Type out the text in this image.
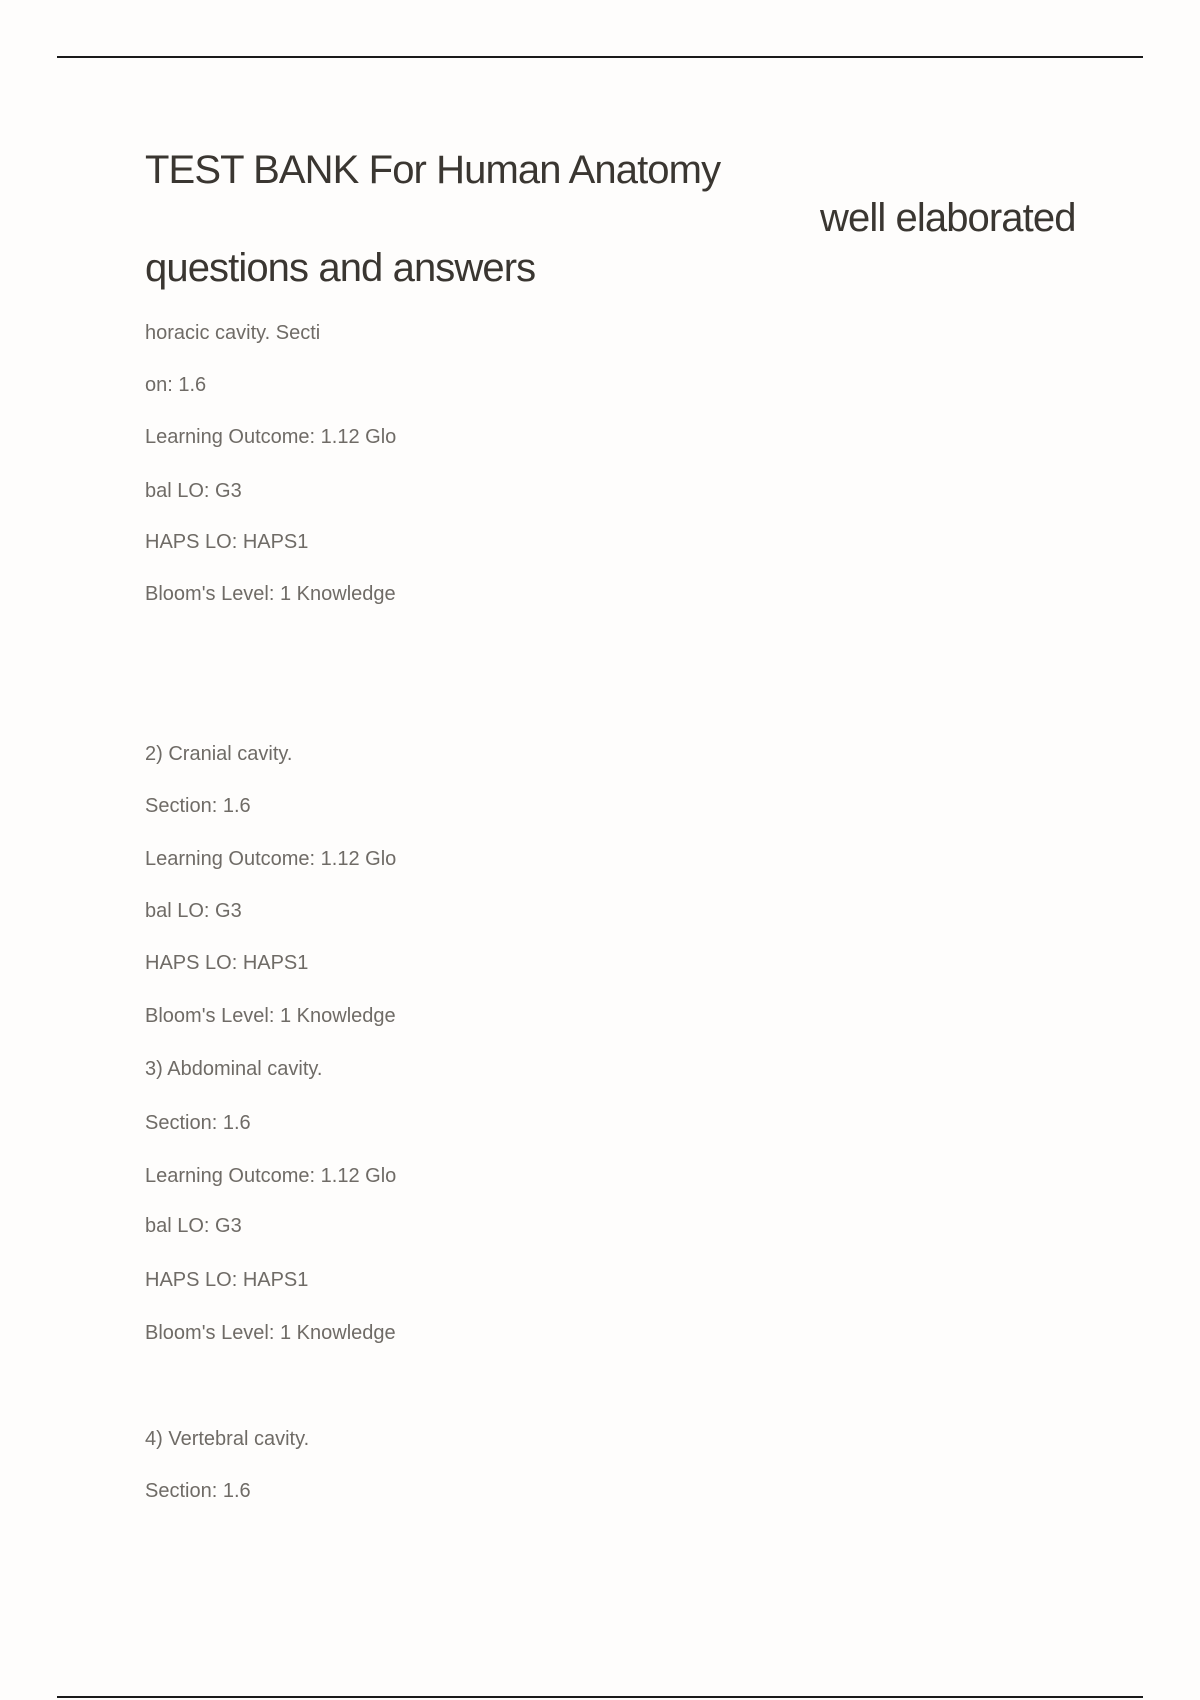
TEST BANK For Human Anatomy
well elaborated
questions and answers
horacic cavity. Secti
on: 1.6
Learning Outcome: 1.12 Glo
bal LO: G3
HAPS LO: HAPS1
Bloom's Level: 1 Knowledge
2) Cranial cavity.
Section: 1.6
Learning Outcome: 1.12 Glo
bal LO: G3
HAPS LO: HAPS1
Bloom's Level: 1 Knowledge
3) Abdominal cavity.
Section: 1.6
Learning Outcome: 1.12 Glo
bal LO: G3
HAPS LO: HAPS1
Bloom's Level: 1 Knowledge
4) Vertebral cavity.
Section: 1.6
